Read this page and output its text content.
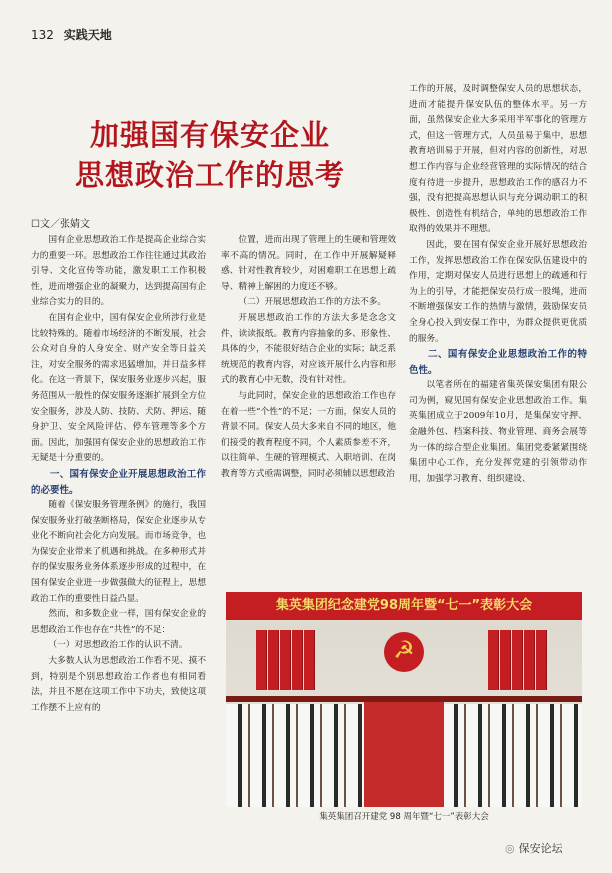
132 实践天地
加强国有保安企业
思想政治工作的思考
☐文／张婧文

国有企业思想政治工作是提高企业综合实力的重要一环。思想政治工作往往通过其政治引导、文化宣传等功能，激发职工工作积极性，进而增强企业的凝聚力，达到提高国有企业综合实力的目的。

在国有企业中，国有保安企业所涉行业是比较特殊的。随着市场经济的不断发展，社会公众对自身的人身安全、财产安全等日益关注，对安全服务的需求迅猛增加，并日益多样化。在这一背景下，保安服务业逐步兴起，服务范围从一般性的保安服务逐渐扩展到全方位安全服务，涉及人防、技防、犬防、押运、随身护卫、安全风险评估、停车管理等多个方面。因此，加强国有保安企业的思想政治工作无疑是十分重要的。

一、国有保安企业开展思想政治工作的必要性。

随着《保安服务管理条例》的施行，我国保安服务业打破垄断格局，保安企业逐步从专业化不断向社会化方向发展。而市场竞争，也为保安企业带来了机遇和挑战。在多种形式并存的保安服务业务体系逐步形成的过程中，在国有保安企业进一步做强做大的征程上，思想政治工作的重要性日益凸显。

然而，和多数企业一样，国有保安企业的思想政治工作也存在“共性”的不足：

（一）对思想政治工作的认识不清。

大多数人认为思想政治工作看不见、摸不到，特别是个别思想政治工作者也有相同看法，并且不愿在这项工作中下功夫，致使这项工作摆不上应有的

位置，进而出现了管理上的生硬和管理效率不高的情况。同时，在工作中开展解疑释惑、针对性教育较少，对困难职工在思想上疏导、精神上解困的力度还不够。

（二）开展思想政治工作的方法不多。

开展思想政治工作的方法大多是念念文件，读读报纸。教育内容抽象的多、形象性、具体的少，不能很好结合企业的实际；缺乏系统规范的教育内容，对应该开展什么内容和形式的教育心中无数，没有针对性。

与此同时，保安企业的思想政治工作也存在着一些“个性”的不足；一方面，保安人员的背景不同。保安人员大多来自不同的地区，他们接受的教育程度不同，个人素质参差不齐，以往简单、生硬的管理模式、入职培训、在岗教育等方式亟需调整，同时必须辅以思想政治

工作的开展，及时调整保安人员的思想状态，进而才能提升保安队伍的整体水平。另一方面，虽然保安企业大多采用半军事化的管理方式，但这一管理方式，人员虽易于集中，思想教育培训易于开展，但对内容的创新性，对思想工作内容与企业经营管理的实际情况的结合度有待进一步提升，思想政治工作的感召力不强，没有把提高思想认识与充分调动职工的积极性、创造性有机结合，单纯的思想政治工作取得的效果并不理想。

因此，要在国有保安企业开展好思想政治工作，发挥思想政治工作在保安队伍建设中的作用，定期对保安人员进行思想上的疏通和行为上的引导，才能把保安员行成一股绳，进而不断增强保安工作的热情与激情，鼓励保安员全身心投入到安保工作中，为群众提供更优质的服务。

二、国有保安企业思想政治工作的特色性。

以笔者所在的福建省集英保安集团有限公司为例，窥见国有保安企业思想政治工作。集英集团成立于2009年10月，是集保安守押、金融外包、档案科技、物业管理、商务会展等为一体的综合型企业集团。集团党委紧紧围绕集团中心工作，充分发挥党建的引领带动作用，加强学习教育、组织建设、

集英集团纪念建党98周年暨“七一”表彰大会
☭
集英集团召开建党 98 周年暨“七一”表彰大会
◎ 保安论坛
